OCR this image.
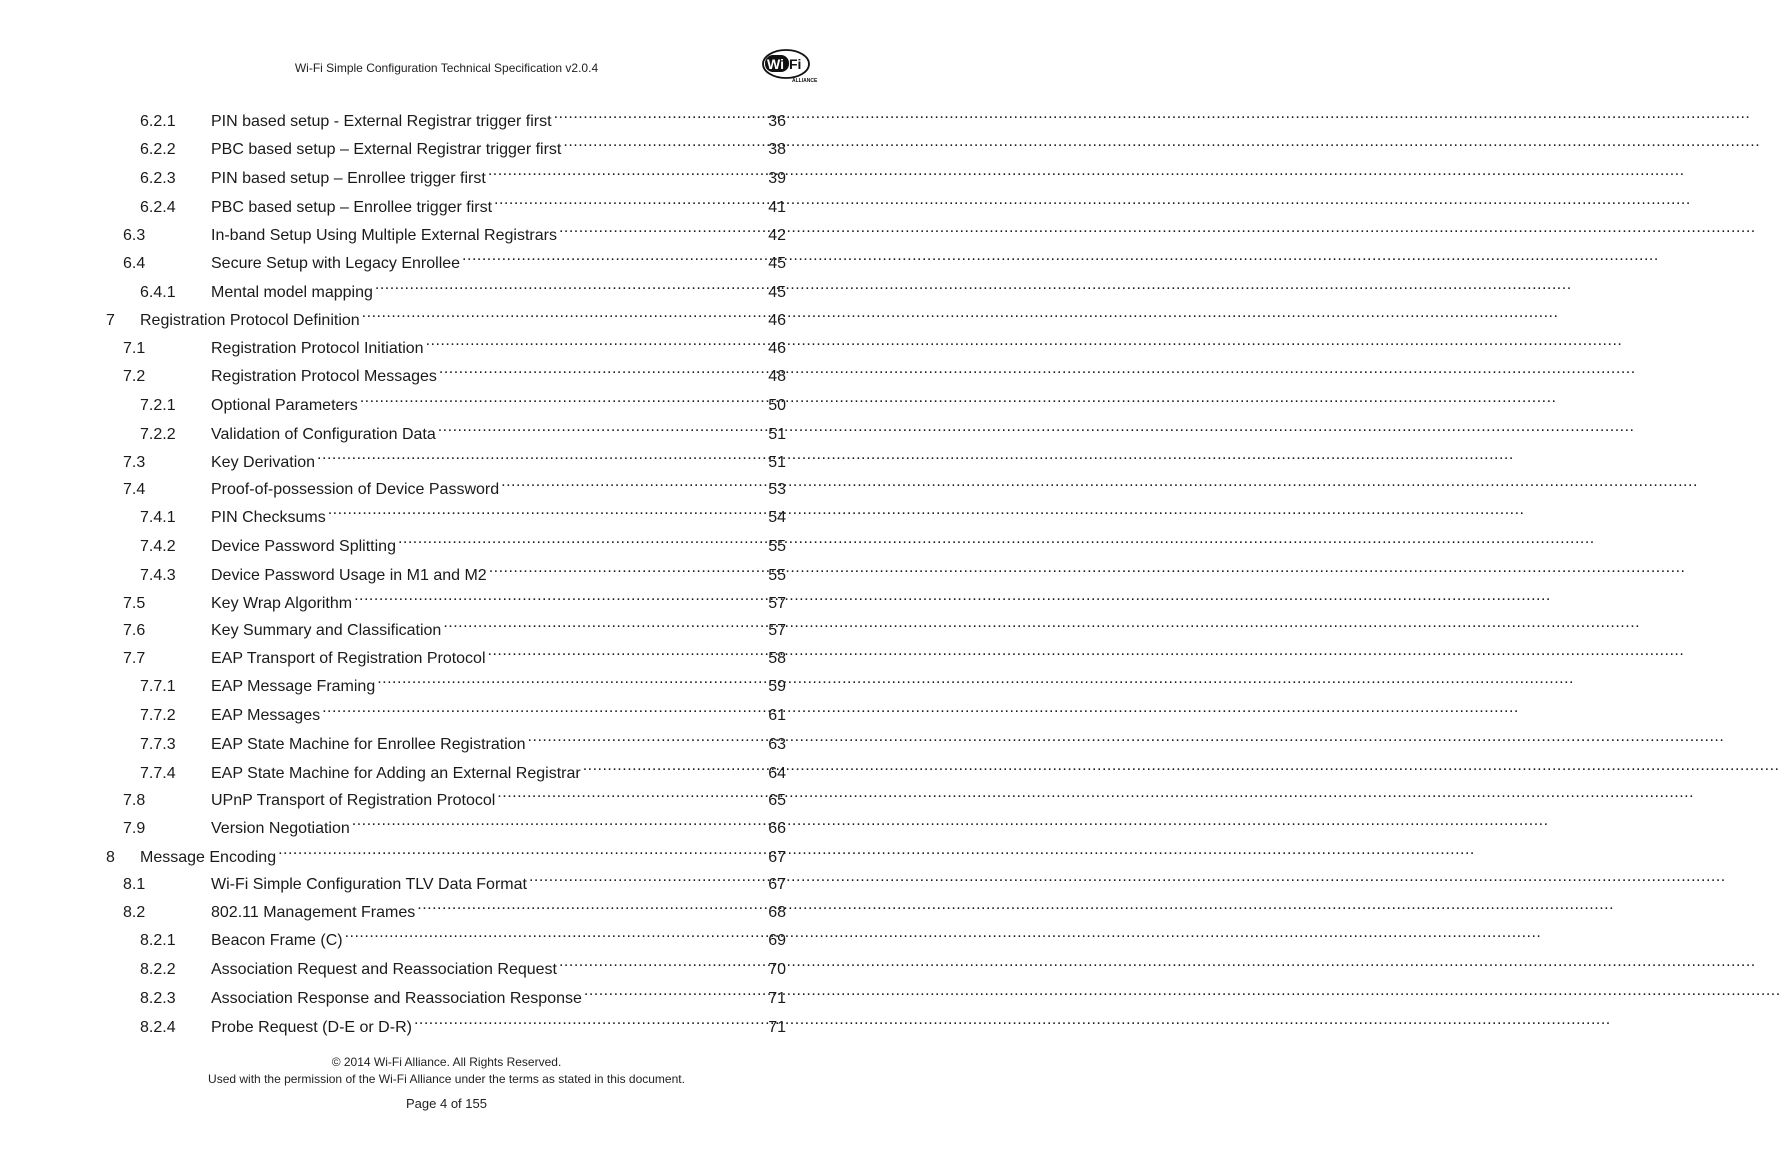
Wi-Fi Simple Configuration Technical Specification v2.0.4	Wi Fi
ALLIANCE
6.2.1	PIN based setup - External Registrar trigger first .....	36
6.2.2	PBC based setup – External Registrar trigger first .....	38
6.2.3	PIN based setup – Enrollee trigger first .....	39
6.2.4	PBC based setup – Enrollee trigger first .....	41
6.3	In-band Setup Using Multiple External Registrars .....	42
6.4	Secure Setup with Legacy Enrollee .....	45
6.4.1	Mental model mapping .....	45
7	Registration Protocol Definition .....	46
7.1	Registration Protocol Initiation .....	46
7.2	Registration Protocol Messages .....	48
7.2.1	Optional Parameters .....	50
7.2.2	Validation of Configuration Data .....	51
7.3	Key Derivation .....	51
7.4	Proof-of-possession of Device Password .....	53
7.4.1	PIN Checksums .....	54
7.4.2	Device Password Splitting .....	55
7.4.3	Device Password Usage in M1 and M2 .....	55
7.5	Key Wrap Algorithm .....	57
7.6	Key Summary and Classification .....	57
7.7	EAP Transport of Registration Protocol .....	58
7.7.1	EAP Message Framing .....	59
7.7.2	EAP Messages .....	61
7.7.3	EAP State Machine for Enrollee Registration .....	63
7.7.4	EAP State Machine for Adding an External Registrar .....	64
7.8	UPnP Transport of Registration Protocol .....	65
7.9	Version Negotiation .....	66
8	Message Encoding .....	67
8.1	Wi-Fi Simple Configuration TLV Data Format .....	67
8.2	802.11 Management Frames .....	68
8.2.1	Beacon Frame (C) .....	69
8.2.2	Association Request and Reassociation Request .....	70
8.2.3	Association Response and Reassociation Response .....	71
8.2.4	Probe Request (D-E or D-R) .....	71
© 2014 Wi-Fi Alliance. All Rights Reserved.
Used with the permission of the Wi-Fi Alliance under the terms as stated in this document.
Page 4 of 155
